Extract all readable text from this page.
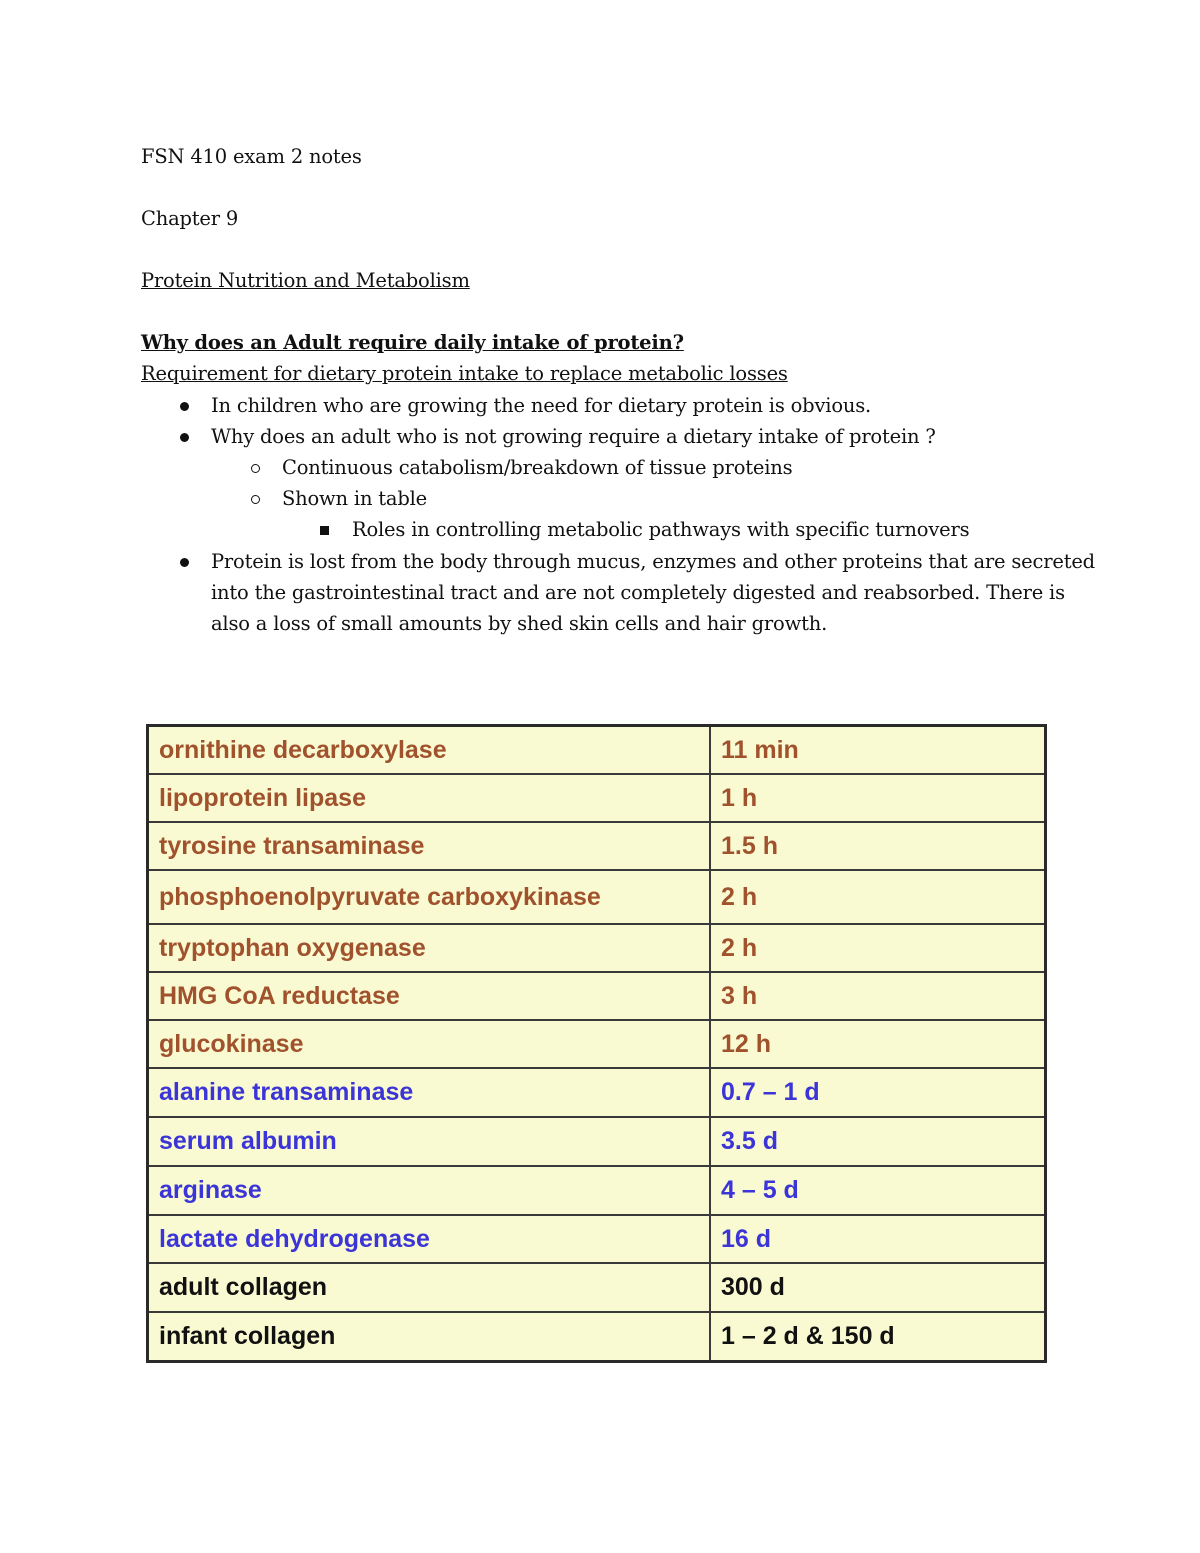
FSN 410 exam 2 notes
Chapter 9
Protein Nutrition and Metabolism
Why does an Adult require daily intake of protein?
Requirement for dietary protein intake to replace metabolic losses
In children who are growing the need for dietary protein is obvious.
Why does an adult who is not growing require a dietary intake of protein ?
Continuous catabolism/breakdown of tissue proteins
Shown in table
Roles in controlling metabolic pathways with specific turnovers
Protein is lost from the body through mucus, enzymes and other proteins that are secreted
into the gastrointestinal tract and are not completely digested and reabsorbed. There is
also a loss of small amounts by shed skin cells and hair growth.
ornithine decarboxylase	11 min
lipoprotein lipase	1 h
tyrosine transaminase	1.5 h
phosphoenolpyruvate carboxykinase	2 h
tryptophan oxygenase	2 h
HMG CoA reductase	3 h
glucokinase	12 h
alanine transaminase	0.7 – 1 d
serum albumin	3.5 d
arginase	4 – 5 d
lactate dehydrogenase	16 d
adult collagen	300 d
infant collagen	1 – 2 d & 150 d
